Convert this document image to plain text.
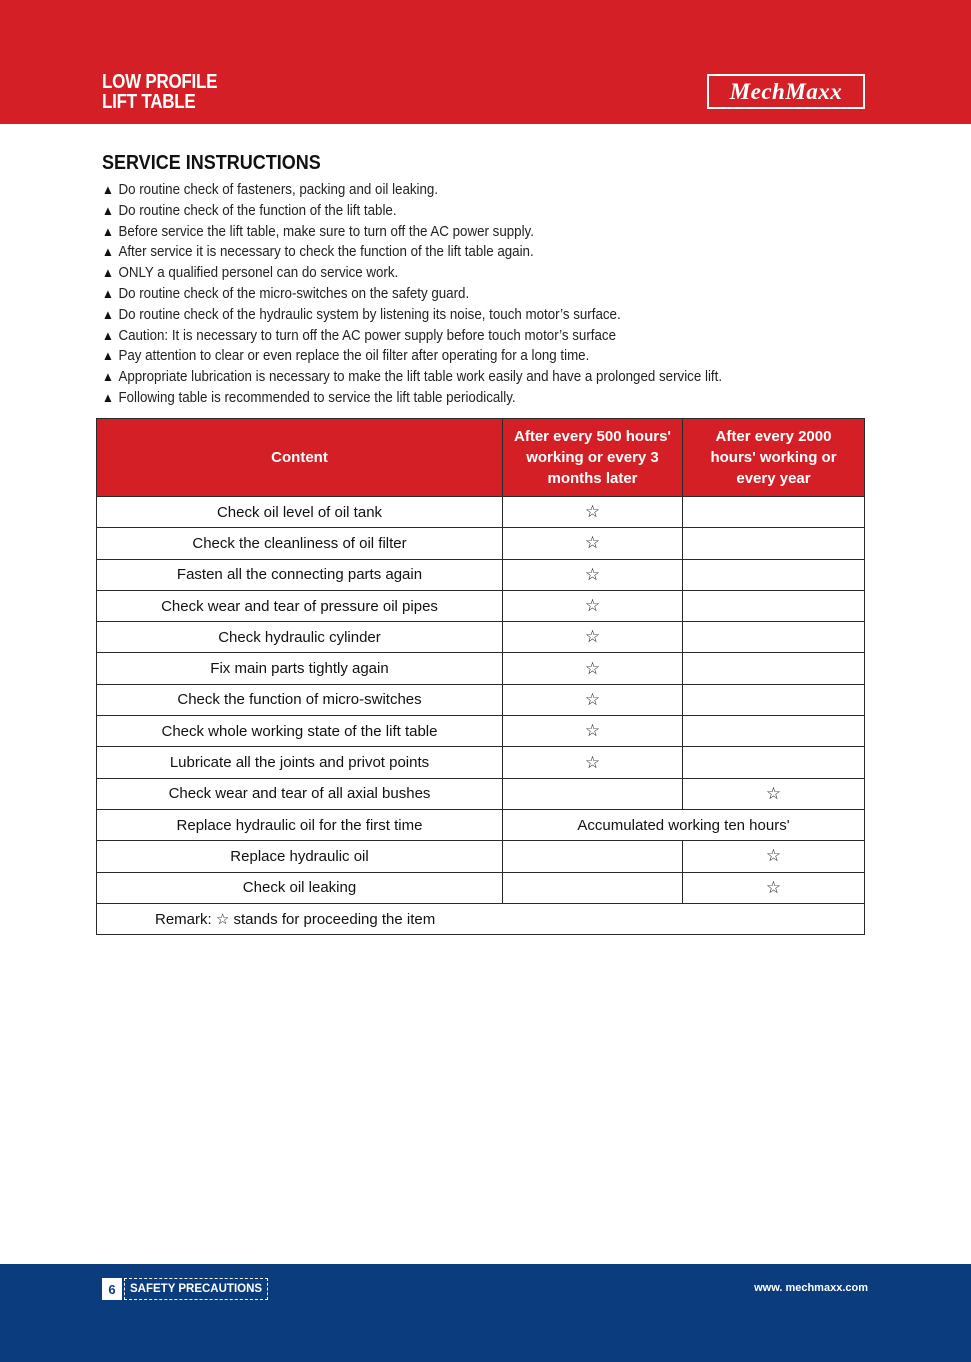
LOW PROFILE
LIFT TABLE	MechMaxx
SERVICE INSTRUCTIONS
▲ Do routine check of fasteners, packing and oil leaking.
▲ Do routine check of the function of the lift table.
▲ Before service the lift table, make sure to turn off the AC power supply.
▲ After service it is necessary to check the function of the lift table again.
▲ ONLY a qualified personel can do service work.
▲ Do routine check of the micro-switches on the safety guard.
▲ Do routine check of the hydraulic system by listening its noise, touch motor’s surface.
▲ Caution: It is necessary to turn off the AC power supply before touch motor’s surface
▲ Pay attention to clear or even replace the oil filter after operating for a long time.
▲ Appropriate lubrication is necessary to make the lift table work easily and have a prolonged service lift.
▲ Following table is recommended to service the lift table periodically.
Content	After every 500 hours' working or every 3 months later	After every 2000 hours' working or every year
Check oil level of oil tank	☆	
Check the cleanliness of oil filter	☆	
Fasten all the connecting parts again	☆	
Check wear and tear of pressure oil pipes	☆	
Check hydraulic cylinder	☆	
Fix main parts tightly again	☆	
Check the function of micro-switches	☆	
Check whole working state of the lift table	☆	
Lubricate all the joints and privot points	☆	
Check wear and tear of all axial bushes		☆
Replace hydraulic oil for the first time	Accumulated working ten hours'	
Replace hydraulic oil		☆
Check oil leaking		☆
Remark: ☆ stands for proceeding the item		
6	SAFETY PRECAUTIONS	www. mechmaxx.com
